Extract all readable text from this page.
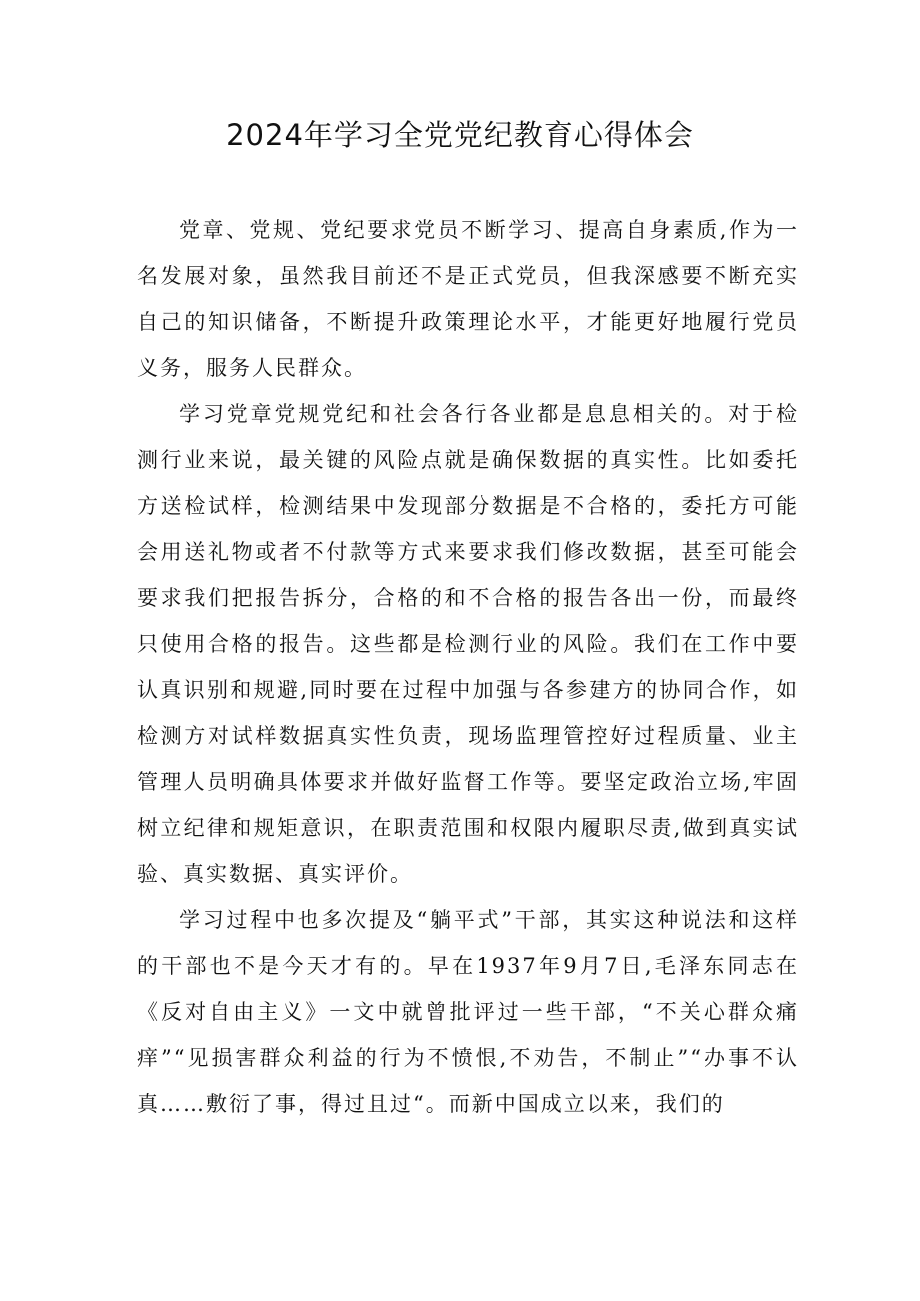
2024年学习全党党纪教育心得体会

党章、党规、党纪要求党员不断学习、提高自身素质,作为一名发展对象，虽然我目前还不是正式党员，但我深感要不断充实自己的知识储备，不断提升政策理论水平，才能更好地履行党员义务，服务人民群众。

学习党章党规党纪和社会各行各业都是息息相关的。对于检测行业来说，最关键的风险点就是确保数据的真实性。比如委托方送检试样，检测结果中发现部分数据是不合格的，委托方可能会用送礼物或者不付款等方式来要求我们修改数据，甚至可能会要求我们把报告拆分，合格的和不合格的报告各出一份，而最终只使用合格的报告。这些都是检测行业的风险。我们在工作中要认真识别和规避,同时要在过程中加强与各参建方的协同合作，如检测方对试样数据真实性负责，现场监理管控好过程质量、业主管理人员明确具体要求并做好监督工作等。要坚定政治立场,牢固树立纪律和规矩意识，在职责范围和权限内履职尽责,做到真实试验、真实数据、真实评价。

学习过程中也多次提及“躺平式”干部，其实这种说法和这样的干部也不是今天才有的。早在1937年9月7日,毛泽东同志在《反对自由主义》一文中就曾批评过一些干部，“不关心群众痛痒”“见损害群众利益的行为不愤恨,不劝告，不制止”“办事不认真……敷衍了事，得过且过“。而新中国成立以来，我们的
